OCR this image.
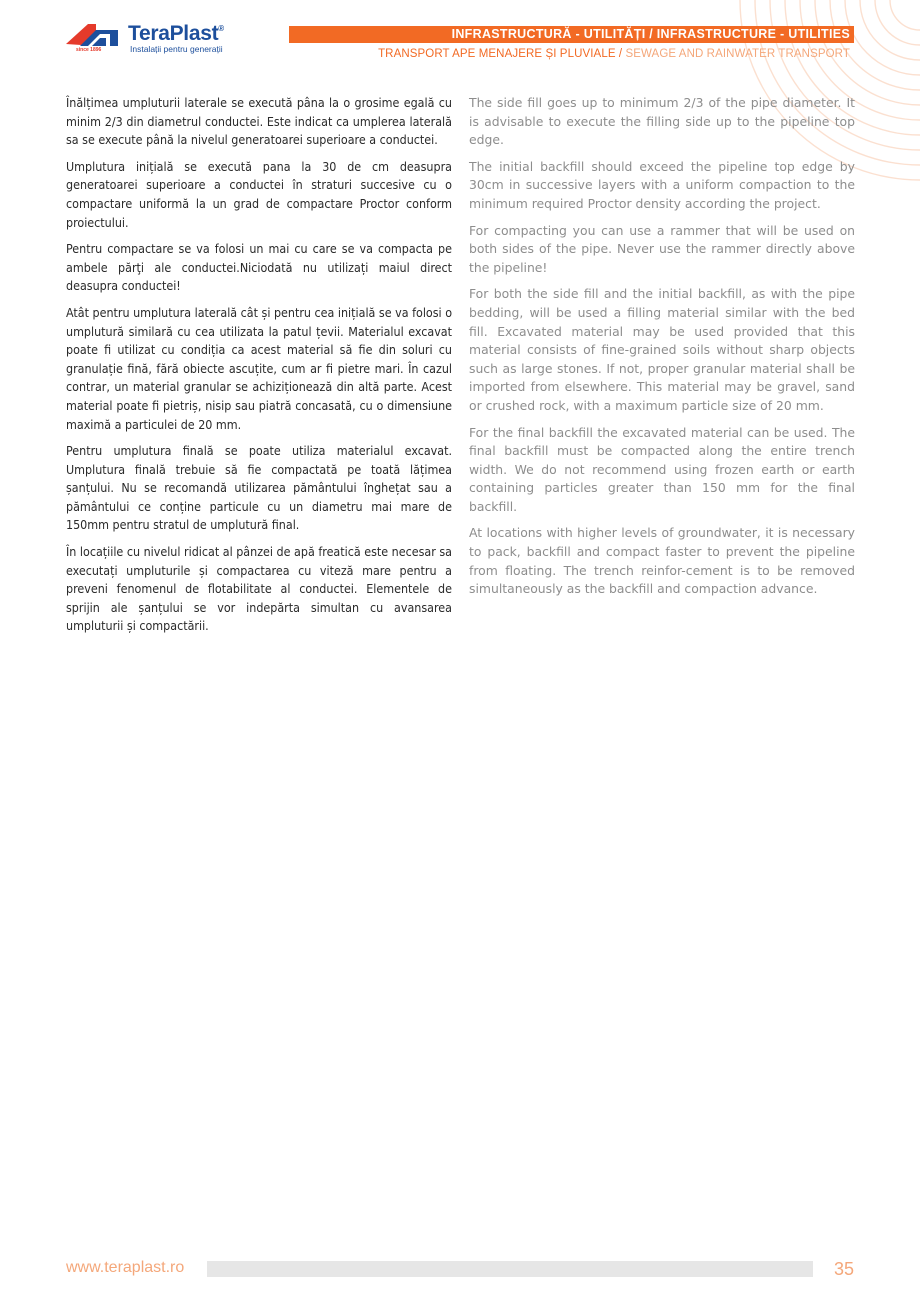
since 1896
TeraPlast®
Instalații pentru generații
INFRASTRUCTURĂ - UTILITĂȚI / INFRASTRUCTURE - UTILITIES
TRANSPORT APE MENAJERE ȘI PLUVIALE / SEWAGE AND RAINWATER TRANSPORT

Înălțimea umpluturii laterale se execută pâna la o grosime egală cu minim 2/3 din diametrul conductei. Este indicat ca umplerea laterală sa se execute până la nivelul generatoarei superioare a conductei.

Umplutura inițială se execută pana la 30 de cm deasupra generatoarei superioare a conductei în straturi succesive cu o compactare uniformă la un grad de compactare Proctor conform proiectului.

Pentru compactare se va folosi un mai cu care se va compacta pe ambele părţi ale conductei.Niciodată nu utilizați maiul direct deasupra conductei!

Atât pentru umplutura laterală cât și pentru cea inițială se va folosi o umplutură similară cu cea utilizata la patul țevii. Materialul excavat poate fi utilizat cu condiția ca acest material să fie din soluri cu granulație fină, fără obiecte ascuțite, cum ar fi pietre mari. În cazul contrar, un material granular se achiziționează din altă parte. Acest material poate fi pietriș, nisip sau piatră concasată, cu o dimensiune maximă a particulei de 20 mm.

Pentru umplutura finală se poate utiliza materialul excavat. Umplutura finală trebuie să fie compactată pe toată lățimea șanțului. Nu se recomandă utilizarea pământului înghețat sau a pământului ce conține particule cu un diametru mai mare de 150mm pentru stratul de umplutură final.

În locațiile cu nivelul ridicat al pânzei de apă freatică este necesar sa executați umpluturile și compactarea cu viteză mare pentru a preveni fenomenul de flotabilitate al conductei. Elementele de sprijin ale șanțului se vor indepărta simultan cu avansarea umpluturii și compactării.

The side fill goes up to minimum 2/3 of the pipe diameter. It is advisable to execute the filling side up to the pipeline top edge.

The initial backfill should exceed the pipeline top edge by 30cm in successive layers with a uniform compaction to the minimum required Proctor density according the project.

For compacting you can use a rammer that will be used on both sides of the pipe. Never use the rammer directly above the pipeline!

For both the side fill and the initial backfill, as with the pipe bedding, will be used a filling material similar with the bed fill. Excavated material may be used provided that this material consists of fine-grained soils without sharp objects such as large stones. If not, proper granular material shall be imported from elsewhere. This material may be gravel, sand or crushed rock, with a maximum particle size of 20 mm.

For the final backfill the excavated material can be used. The final backfill must be compacted along the entire trench width. We do not recommend using frozen earth or earth containing particles greater than 150 mm for the final backfill.

At locations with higher levels of groundwater, it is necessary to pack, backfill and compact faster to prevent the pipeline from floating. The trench reinfor-cement is to be removed simultaneously as the backfill and compaction advance.

www.teraplast.ro	35
